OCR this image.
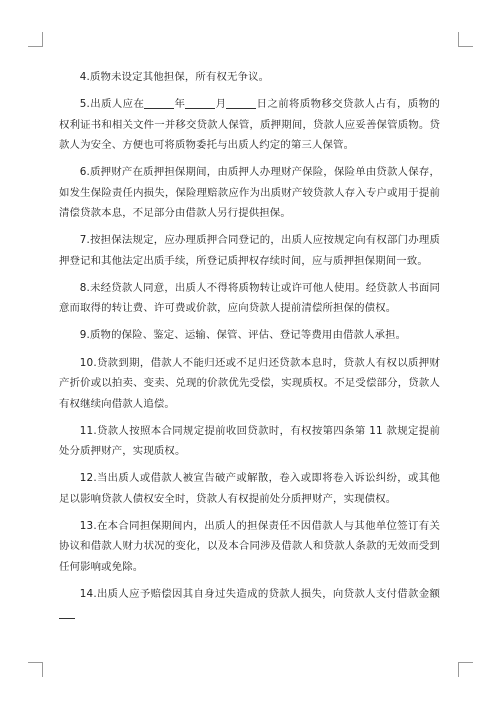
4.质物未设定其他担保，所有权无争议。

5.出质人应在	年	月	日之前将质物移交贷款人占有，质物的权利证书和相关文件一并移交贷款人保管，质押期间，贷款人应妥善保管质物。贷款人为安全、方便也可将质物委托与出质人约定的第三人保管。

6.质押财产在质押担保期间，由质押人办理财产保险，保险单由贷款人保存，如发生保险责任内损失，保险理赔款应作为出质财产较贷款人存入专户或用于提前清偿贷款本息，不足部分由借款人另行提供担保。

7.按担保法规定，应办理质押合同登记的，出质人应按规定向有权部门办理质押登记和其他法定出质手续，所登记质押权存续时间，应与质押担保期间一致。

8.未经贷款人同意，出质人不得将质物转让或许可他人使用。经贷款人书面同意而取得的转让费、许可费或价款，应向贷款人提前清偿所担保的债权。

9.质物的保险、鉴定、运输、保管、评估、登记等费用由借款人承担。

10.贷款到期，借款人不能归还或不足归还贷款本息时，贷款人有权以质押财产折价或以拍卖、变卖、兑现的价款优先受偿，实现质权。不足受偿部分，贷款人有权继续向借款人追偿。

11.贷款人按照本合同规定提前收回贷款时，有权按第四条第 11 款规定提前处分质押财产，实现质权。

12.当出质人或借款人被宣告破产或解散，卷入或即将卷入诉讼纠纷，或其他足以影响贷款人债权安全时，贷款人有权提前处分质押财产，实现债权。

13.在本合同担保期间内，出质人的担保责任不因借款人与其他单位签订有关协议和借款人财力状况的变化，以及本合同涉及借款人和贷款人条款的无效而受到任何影响或免除。

14.出质人应予赔偿因其自身过失造成的贷款人损失，向贷款人支付借款金额
